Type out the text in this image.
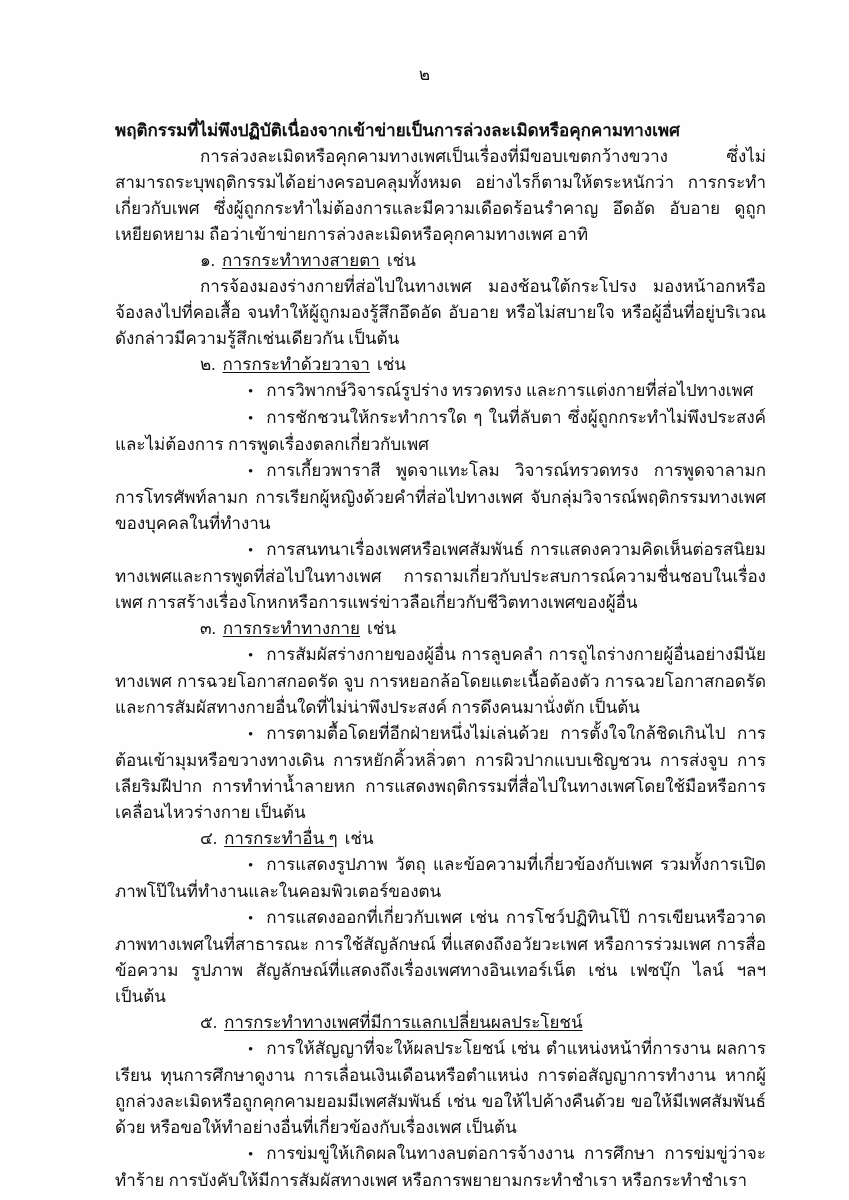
๒
พฤติกรรมที่ไม่พึงปฏิบัติเนื่องจากเข้าข่ายเป็นการล่วงละเมิดหรือคุกคามทางเพศ

การล่วงละเมิดหรือคุกคามทางเพศเป็นเรื่องที่มีขอบเขตกว้างขวาง ซึ่งไม่สามารถระบุพฤติกรรมได้อย่างครอบคลุมทั้งหมด อย่างไรก็ตามให้ตระหนักว่า การกระทำเกี่ยวกับเพศ ซึ่งผู้ถูกกระทำไม่ต้องการและมีความเดือดร้อนรำคาญ อึดอัด อับอาย ดูถูกเหยียดหยาม ถือว่าเข้าข่ายการล่วงละเมิดหรือคุกคามทางเพศ อาทิ

๑. การกระทำทางสายตา เช่น

การจ้องมองร่างกายที่ส่อไปในทางเพศ มองช้อนใต้กระโปรง มองหน้าอกหรือจ้องลงไปที่คอเสื้อ จนทำให้ผู้ถูกมองรู้สึกอึดอัด อับอาย หรือไม่สบายใจ หรือผู้อื่นที่อยู่บริเวณดังกล่าวมีความรู้สึกเช่นเดียวกัน เป็นต้น

๒. การกระทำด้วยวาจา เช่น

• การวิพากษ์วิจารณ์รูปร่าง ทรวดทรง และการแต่งกายที่ส่อไปทางเพศ

• การชักชวนให้กระทำการใด ๆ ในที่ลับตา ซึ่งผู้ถูกกระทำไม่พึงประสงค์และไม่ต้องการ การพูดเรื่องตลกเกี่ยวกับเพศ

• การเกี้ยวพาราสี พูดจาแทะโลม วิจารณ์ทรวดทรง การพูดจาลามก การโทรศัพท์ลามก การเรียกผู้หญิงด้วยคำที่ส่อไปทางเพศ จับกลุ่มวิจารณ์พฤติกรรมทางเพศของบุคคลในที่ทำงาน

• การสนทนาเรื่องเพศหรือเพศสัมพันธ์ การแสดงความคิดเห็นต่อรสนิยมทางเพศและการพูดที่ส่อไปในทางเพศ การถามเกี่ยวกับประสบการณ์ความชื่นชอบในเรื่องเพศ การสร้างเรื่องโกหกหรือการแพร่ข่าวลือเกี่ยวกับชีวิตทางเพศของผู้อื่น

๓. การกระทำทางกาย เช่น

• การสัมผัสร่างกายของผู้อื่น การลูบคลำ การถูไถร่างกายผู้อื่นอย่างมีนัยทางเพศ การฉวยโอกาสกอดรัด จูบ การหยอกล้อโดยแตะเนื้อต้องตัว การฉวยโอกาสกอดรัด และการสัมผัสทางกายอื่นใดที่ไม่น่าพึงประสงค์ การดึงคนมานั่งตัก เป็นต้น

• การตามตื้อโดยที่อีกฝ่ายหนึ่งไม่เล่นด้วย การตั้งใจใกล้ชิดเกินไป การต้อนเข้ามุมหรือขวางทางเดิน การหยักคิ้วหลิ่วตา การผิวปากแบบเชิญชวน การส่งจูบ การเลียริมฝีปาก การทำท่าน้ำลายหก การแสดงพฤติกรรมที่สื่อไปในทางเพศโดยใช้มือหรือการเคลื่อนไหวร่างกาย เป็นต้น

๔. การกระทำอื่น ๆ เช่น

• การแสดงรูปภาพ วัตถุ และข้อความที่เกี่ยวข้องกับเพศ รวมทั้งการเปิดภาพโป๊ในที่ทำงานและในคอมพิวเตอร์ของตน

• การแสดงออกที่เกี่ยวกับเพศ เช่น การโชว์ปฏิทินโป๊ การเขียนหรือวาดภาพทางเพศในที่สาธารณะ การใช้สัญลักษณ์ ที่แสดงถึงอวัยวะเพศ หรือการร่วมเพศ การสื่อข้อความ รูปภาพ สัญลักษณ์ที่แสดงถึงเรื่องเพศทางอินเทอร์เน็ต เช่น เฟซบุ๊ก ไลน์ ฯลฯ เป็นต้น

๕. การกระทำทางเพศที่มีการแลกเปลี่ยนผลประโยชน์

• การให้สัญญาที่จะให้ผลประโยชน์ เช่น ตำแหน่งหน้าที่การงาน ผลการเรียน ทุนการศึกษาดูงาน การเลื่อนเงินเดือนหรือตำแหน่ง การต่อสัญญาการทำงาน หากผู้ถูกล่วงละเมิดหรือถูกคุกคามยอมมีเพศสัมพันธ์ เช่น ขอให้ไปค้างคืนด้วย ขอให้มีเพศสัมพันธ์ด้วย หรือขอให้ทำอย่างอื่นที่เกี่ยวข้องกับเรื่องเพศ เป็นต้น

• การข่มขู่ให้เกิดผลในทางลบต่อการจ้างงาน การศึกษา การข่มขู่ว่าจะทำร้าย การบังคับให้มีการสัมผัสทางเพศ หรือการพยายามกระทำชำเรา หรือกระทำชำเรา
